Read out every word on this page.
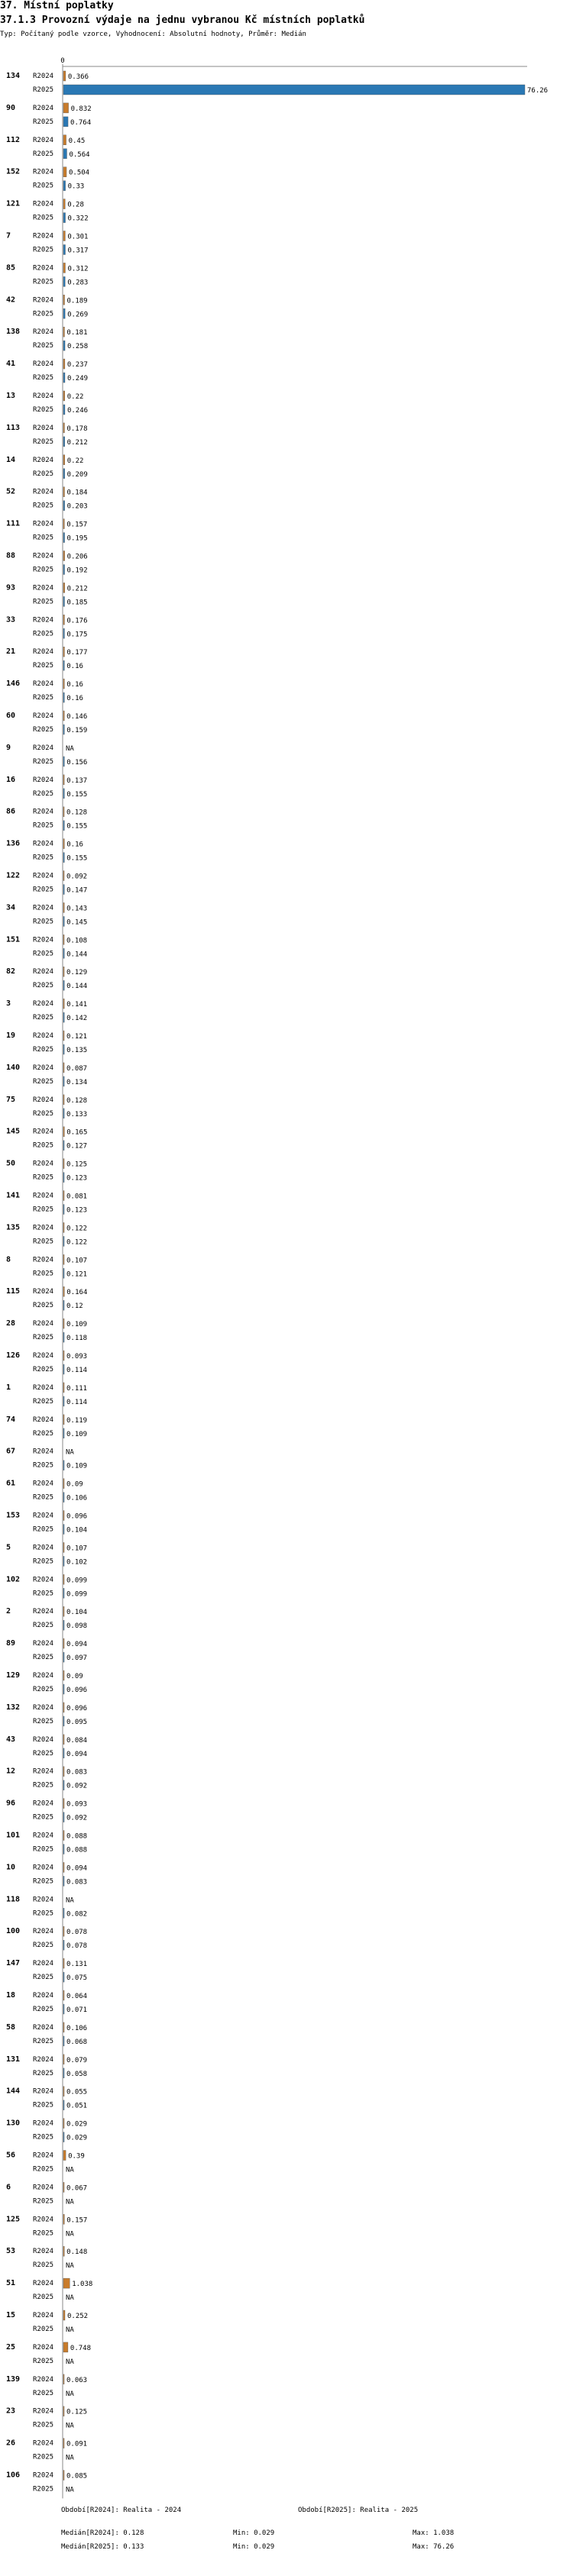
37. Místní poplatky
37.1.3 Provozní výdaje na jednu vybranou Kč místních poplatků
Typ: Počítaný podle vzorce, Vyhodnocení: Absolutní hodnoty, Průměr: Medián
0
134 R2024 0.366
R2025	76.26
90	R2024 0.832
R2025 0.764
112 R2024 0.45
R2025 0.564
152 R2024 0.504
R2025 0.33
121 R2024 0.28
R2025 0.322
7	R2024 0.301
R2025 0.317
85	R2024 0.312
R2025 0.283
42	R2024 0.189
R2025 0.269
138 R2024 0.181
R2025 0.258
41	R2024 0.237
R2025 0.249
13	R2024 0.22
R2025 0.246
113 R2024 0.178
R2025 0.212
14	R2024 0.22
R2025 0.209
52	R2024 0.184
R2025 0.203
111 R2024 0.157
R2025 0.195
88	R2024 0.206
R2025 0.192
93	R2024 0.212
R2025 0.185
33	R2024 0.176
R2025 0.175
21	R2024 0.177
R2025 0.16
146 R2024 0.16
R2025 0.16
60	R2024 0.146
R2025 0.159
9	R2024 NA
R2025 0.156
16	R2024 0.137
R2025 0.155
86	R2024 0.128
R2025 0.155
136 R2024 0.16
R2025 0.155
122 R2024 0.092
R2025 0.147
34	R2024 0.143
R2025 0.145
151 R2024 0.108
R2025 0.144
82	R2024 0.129
R2025 0.144
3	R2024 0.141
R2025 0.142
19	R2024 0.121
R2025 0.135
140 R2024 0.087
R2025 0.134
75	R2024 0.128
R2025 0.133
145 R2024 0.165
R2025 0.127
50	R2024 0.125
R2025 0.123
141 R2024 0.081
R2025 0.123
135 R2024 0.122
R2025 0.122
8	R2024 0.107
R2025 0.121
115 R2024 0.164
R2025 0.12
28	R2024 0.109
R2025 0.118
126 R2024 0.093
R2025 0.114
1	R2024 0.111
R2025 0.114
74	R2024 0.119
R2025 0.109
67	R2024 NA
R2025 0.109
61	R2024 0.09
R2025 0.106
153 R2024 0.096
R2025 0.104
5	R2024 0.107
R2025 0.102
102 R2024 0.099
R2025 0.099
2	R2024 0.104
R2025 0.098
89	R2024 0.094
R2025 0.097
129 R2024 0.09
R2025 0.096
132 R2024 0.096
R2025 0.095
43	R2024 0.084
R2025 0.094
12	R2024 0.083
R2025 0.092
96	R2024 0.093
R2025 0.092
101 R2024 0.088
R2025 0.088
10	R2024 0.094
R2025 0.083
118 R2024 NA
R2025 0.082
100 R2024 0.078
R2025 0.078
147 R2024 0.131
R2025 0.075
18	R2024 0.064
R2025 0.071
58	R2024 0.106
R2025 0.068
131 R2024 0.079
R2025 0.058
144 R2024 0.055
R2025 0.051
130 R2024 0.029
R2025 0.029
56	R2024 0.39
R2025 NA
6	R2024 0.067
R2025 NA
125 R2024 0.157
R2025 NA
53	R2024 0.148
R2025 NA
51	R2024	1.038
R2025 NA
15	R2024 0.252
R2025 NA
25	R2024 0.748
R2025 NA
139 R2024 0.063
R2025 NA
23	R2024 0.125
R2025 NA
26	R2024 0.091
R2025 NA
106 R2024 0.085
R2025 NA
Období[R2024]: Realita - 2024	Období[R2025]: Realita - 2025
Medián[R2024]: 0.128	Min: 0.029	Max: 1.038
Medián[R2025]: 0.133	Min: 0.029	Max: 76.26
